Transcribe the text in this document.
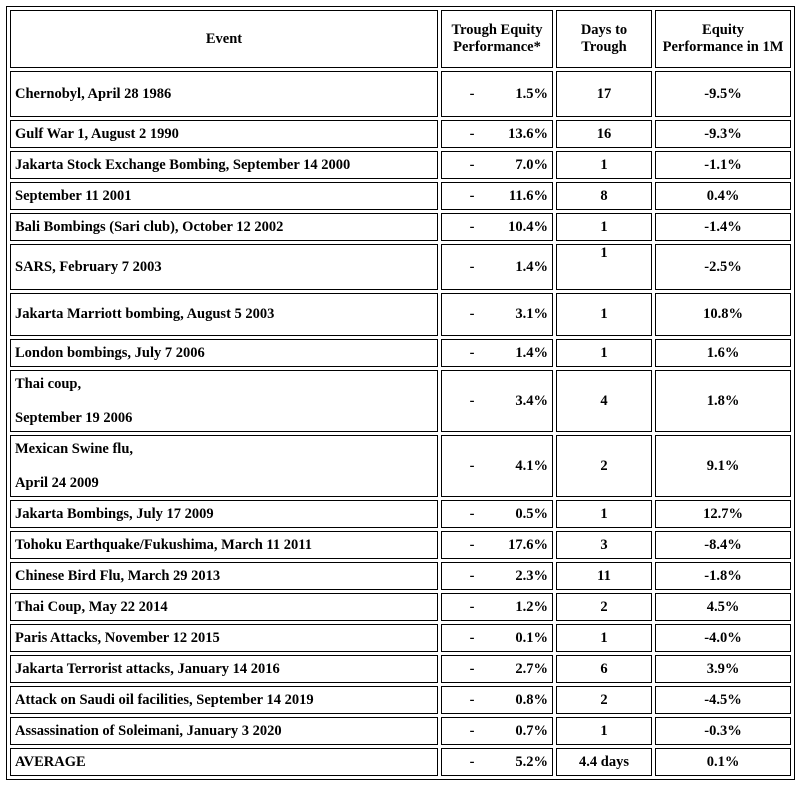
Event	Trough Equity Performance*	Days to Trough	Equity Performance in 1M
Chernobyl, April 28 1986	- 1.5%	17	-9.5%
Gulf War 1, August 2 1990	- 13.6%	16	-9.3%
Jakarta Stock Exchange Bombing, September 14 2000	- 7.0%	1	-1.1%
September 11 2001	- 11.6%	8	0.4%
Bali Bombings (Sari club), October 12 2002	- 10.4%	1	-1.4%
SARS, February 7 2003	- 1.4%	1	-2.5%
Jakarta Marriott bombing, August 5 2003	- 3.1%	1	10.8%
London bombings, July 7 2006	- 1.4%	1	1.6%

Thai coup,
September 19 2006	- 3.4%	4	1.8%

Mexican Swine flu,
April 24 2009	- 4.1%	2	9.1%
Jakarta Bombings, July 17 2009	- 0.5%	1	12.7%
Tohoku Earthquake/Fukushima, March 11 2011	- 17.6%	3	-8.4%
Chinese Bird Flu, March 29 2013	- 2.3%	11	-1.8%
Thai Coup, May 22 2014	- 1.2%	2	4.5%
Paris Attacks, November 12 2015	- 0.1%	1	-4.0%
Jakarta Terrorist attacks, January 14 2016	- 2.7%	6	3.9%
Attack on Saudi oil facilities, September 14 2019	- 0.8%	2	-4.5%
Assassination of Soleimani, January 3 2020	- 0.7%	1	-0.3%
AVERAGE	- 5.2%	4.4 days	0.1%
